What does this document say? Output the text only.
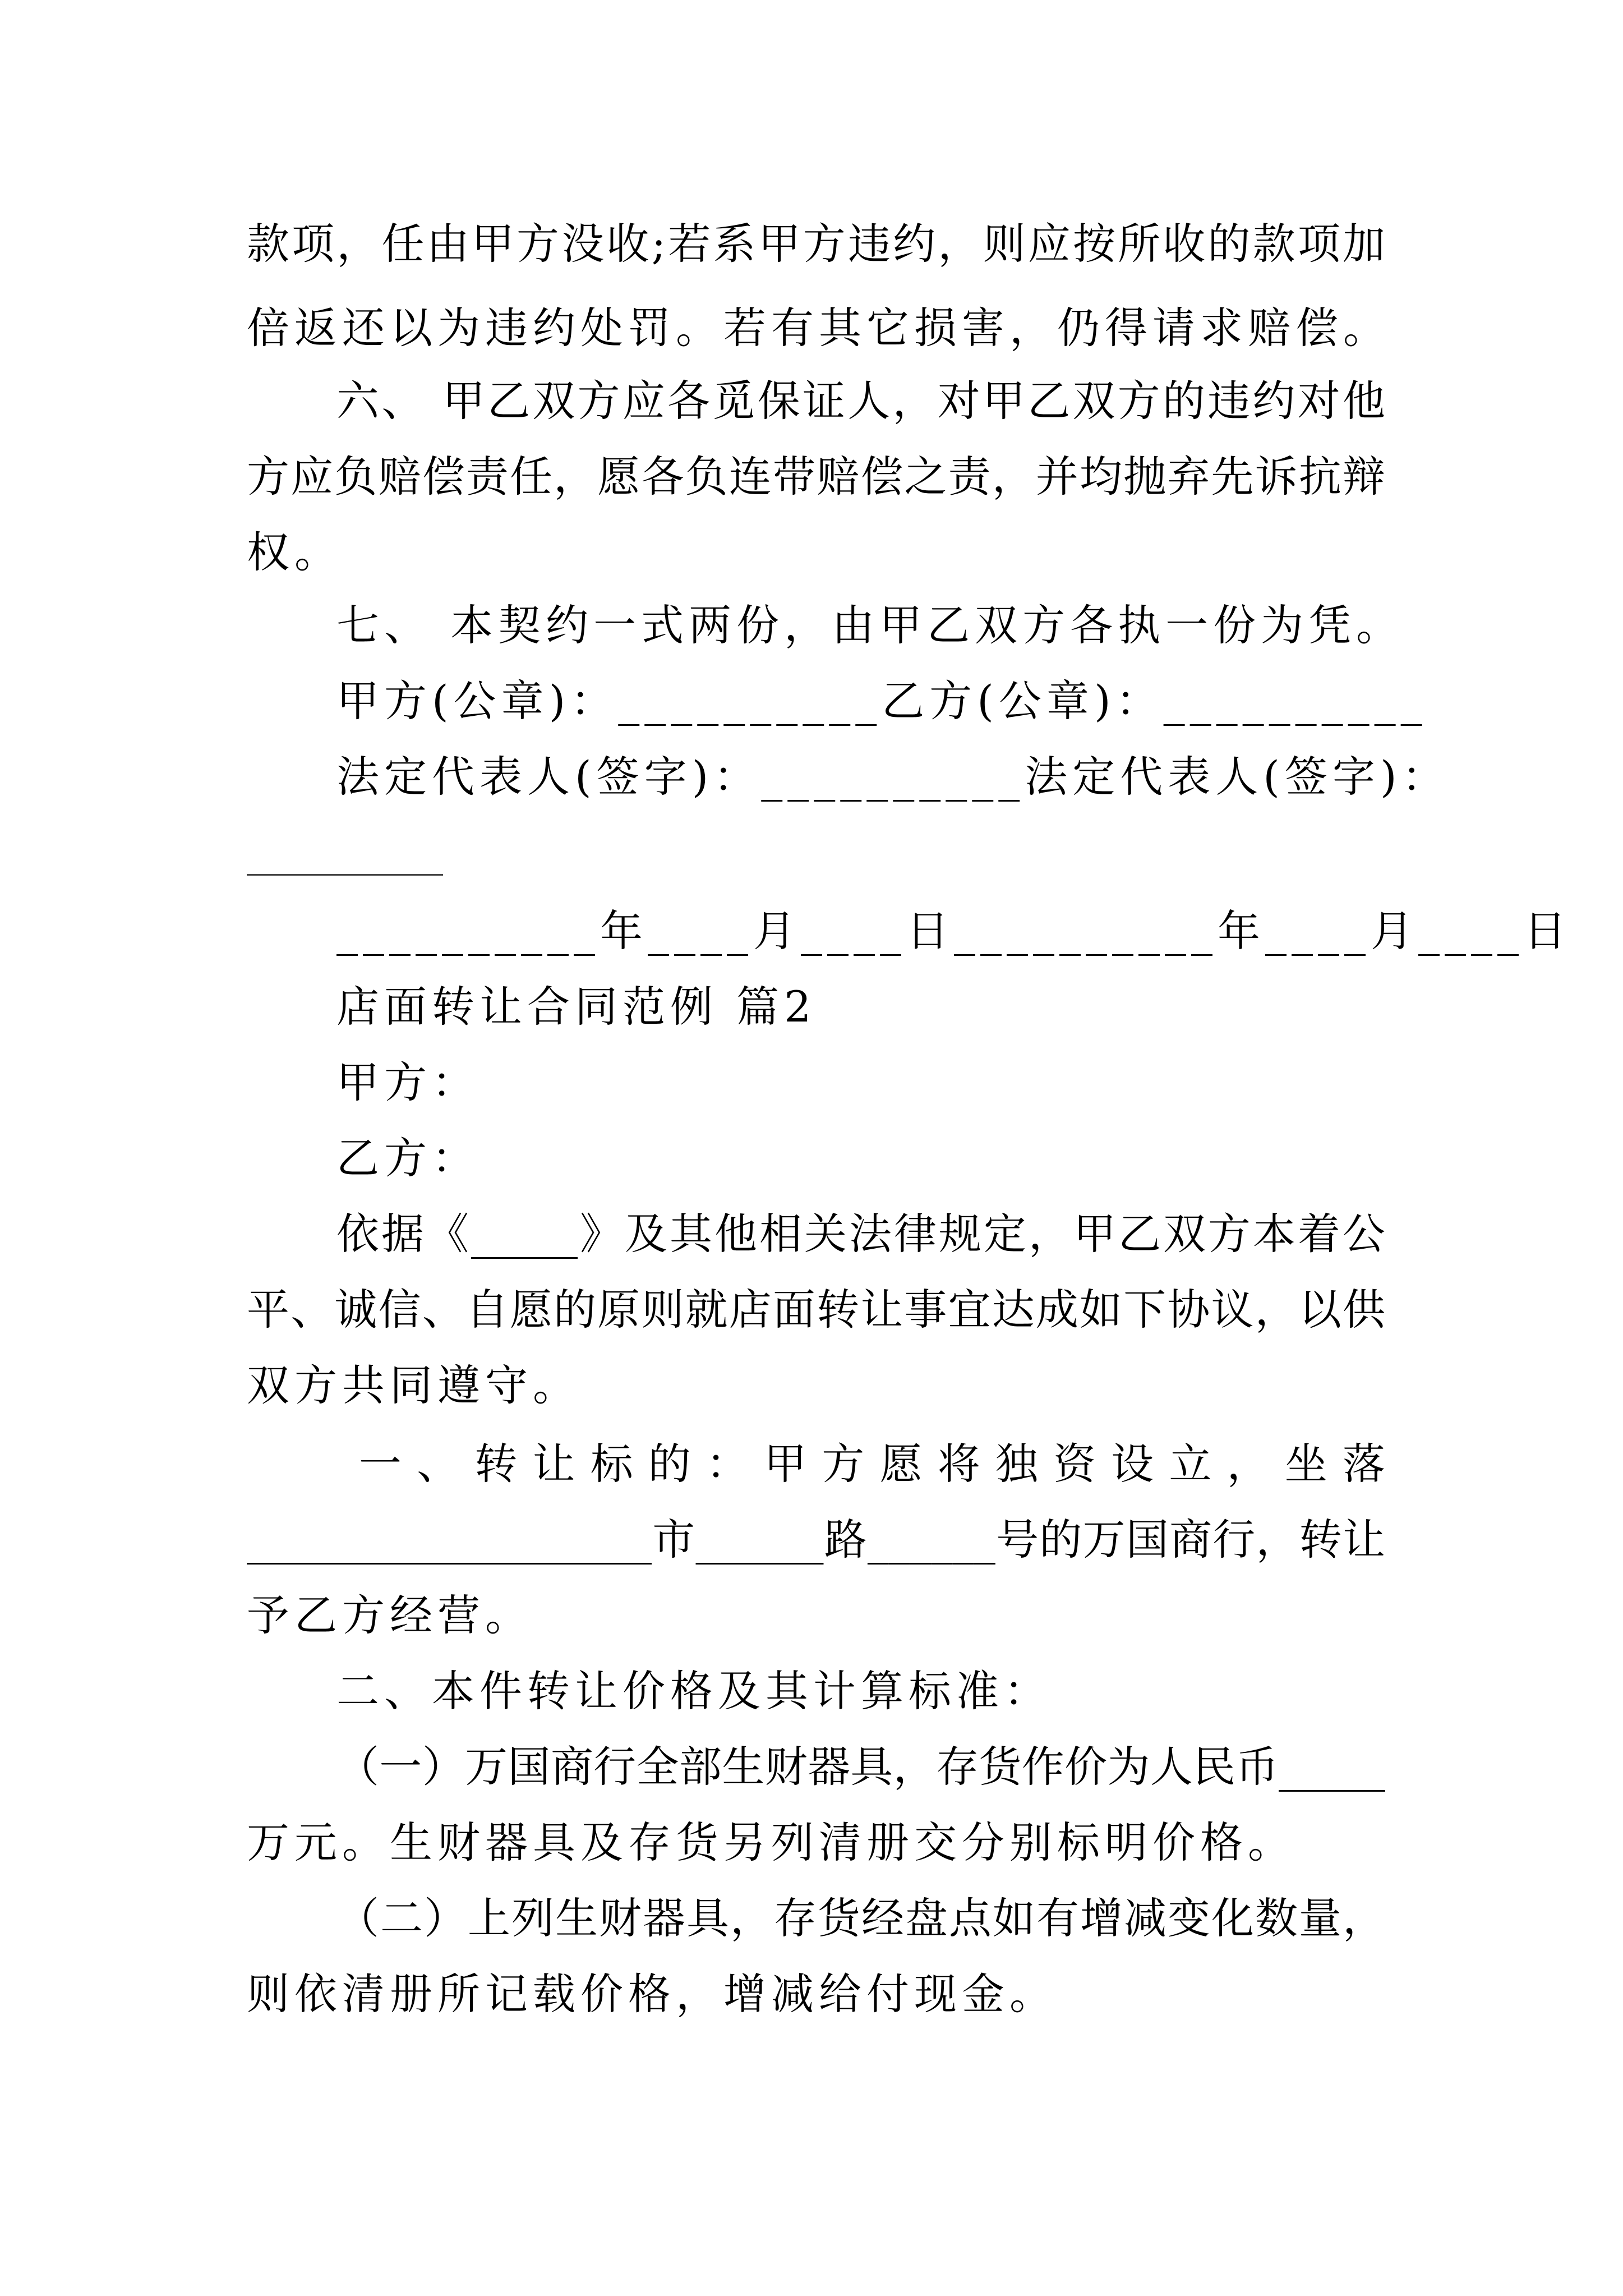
款项，任由甲方没收;若系甲方违约，则应按所收的款项加
倍返还以为违约处罚。若有其它损害，仍得请求赔偿。
六、 甲乙双方应各觅保证人，对甲乙双方的违约对他
方应负赔偿责任，愿各负连带赔偿之责，并均抛弃先诉抗辩
权。
七、 本契约一式两份，由甲乙双方各执一份为凭。
甲方(公章)：__________乙方(公章)：__________
法定代表人(签字)：__________法定代表人(签字)：
__________年____月____日__________年____月____日
店面转让合同范例 篇2
甲方：
乙方：
依据《_____》及其他相关法律规定，甲乙双方本着公
平、诚信、自愿的原则就店面转让事宜达成如下协议，以供
双方共同遵守。
一 、 转 让 标 的 ： 甲 方 愿 将 独 资 设 立 ， 坐 落
___________________市______路______号的万国商行，转让
予乙方经营。
二、本件转让价格及其计算标准：
（一）万国商行全部生财器具，存货作价为人民币_____
万元。生财器具及存货另列清册交分别标明价格。
（二）上列生财器具，存货经盘点如有增减变化数量，
则依清册所记载价格，增减给付现金。
